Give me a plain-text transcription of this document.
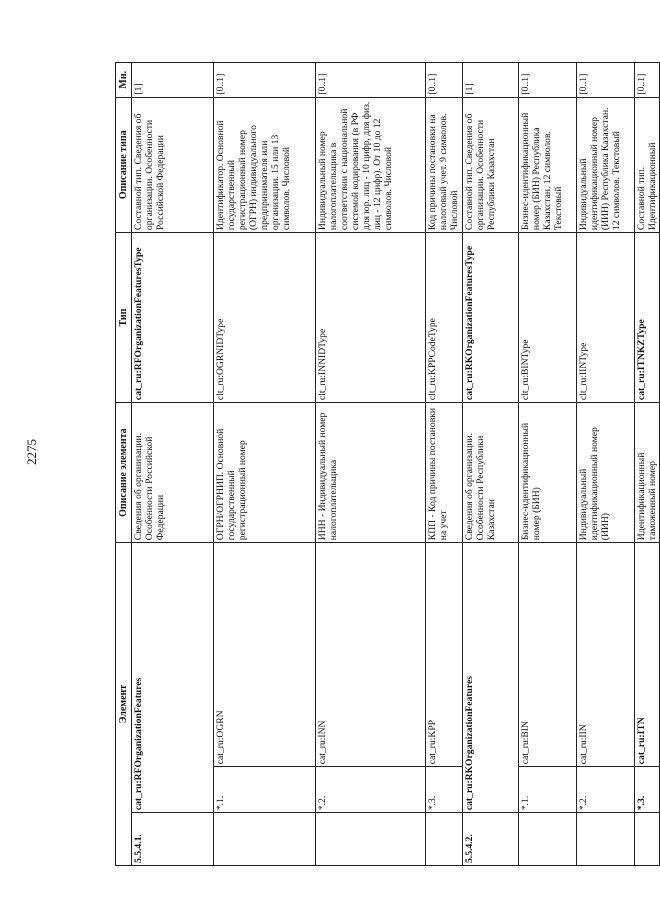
2275
Элемент			Описание элемента	Тип	Описание типа	Мн.
5.5.4.1.	cat_ru:RFOrganizationFeatures		Сведения об организации. Особенности Российской Федерации	cat_ru:RFOrganizationFeaturesType	Составной тип. Сведения об организации. Особенности Российской Федерации	[1]
	*.1.	cat_ru:OGRN	ОГРН/ОГРНИП. Основной государственный регистрационный номер	clt_ru:OGRNIDType	Идентификатор. Основной государственный регистрационный номер (ОГРН) индивидуального предпринимателя или организации. 15 или 13 символов. Числовой	[0..1]
	*.2.	cat_ru:INN	ИНН - Индивидуальный номер налогоплательщика	clt_ru:INNIDType	Индивидуальный номер налогоплательщика в соответствии с национальной системой кодирования (в РФ для юр. лиц - 10 цифр, для физ. лиц - 12 цифр). От 10 до 12 символов. Числовой	[0..1]
	*.3.	cat_ru:KPP	КПП - Код причины постановки на учет	clt_ru:KPPCodeType	Код причины постановки на налоговый учет. 9 символов. Числовой	[0..1]
5.5.4.2.	cat_ru:RKOrganizationFeatures		Сведения об организации. Особенности Республики Казахстан	cat_ru:RKOrganizationFeaturesType	Составной тип. Сведения об организации. Особенности Республики Казахстан	[1]
	*.1.	cat_ru:BIN	Бизнес-идентификационный номер (БИН)	clt_ru:BINType	Бизнес-идентификационный номер (БИН) Республика Казахстан. 12 символов. Текстовый	[0..1]
	*.2.	cat_ru:IIN	Индивидуальный идентификационный номер (ИИН)	clt_ru:IINType	Индивидуальный идентификационный номер (ИИН) Республика Казахстан. 12 символов. Текстовый	[0..1]
	*.3.	cat_ru:ITN	Идентификационный таможенный номер	cat_ru:ITNKZType	Составной тип. Идентификационный	[0..1]
